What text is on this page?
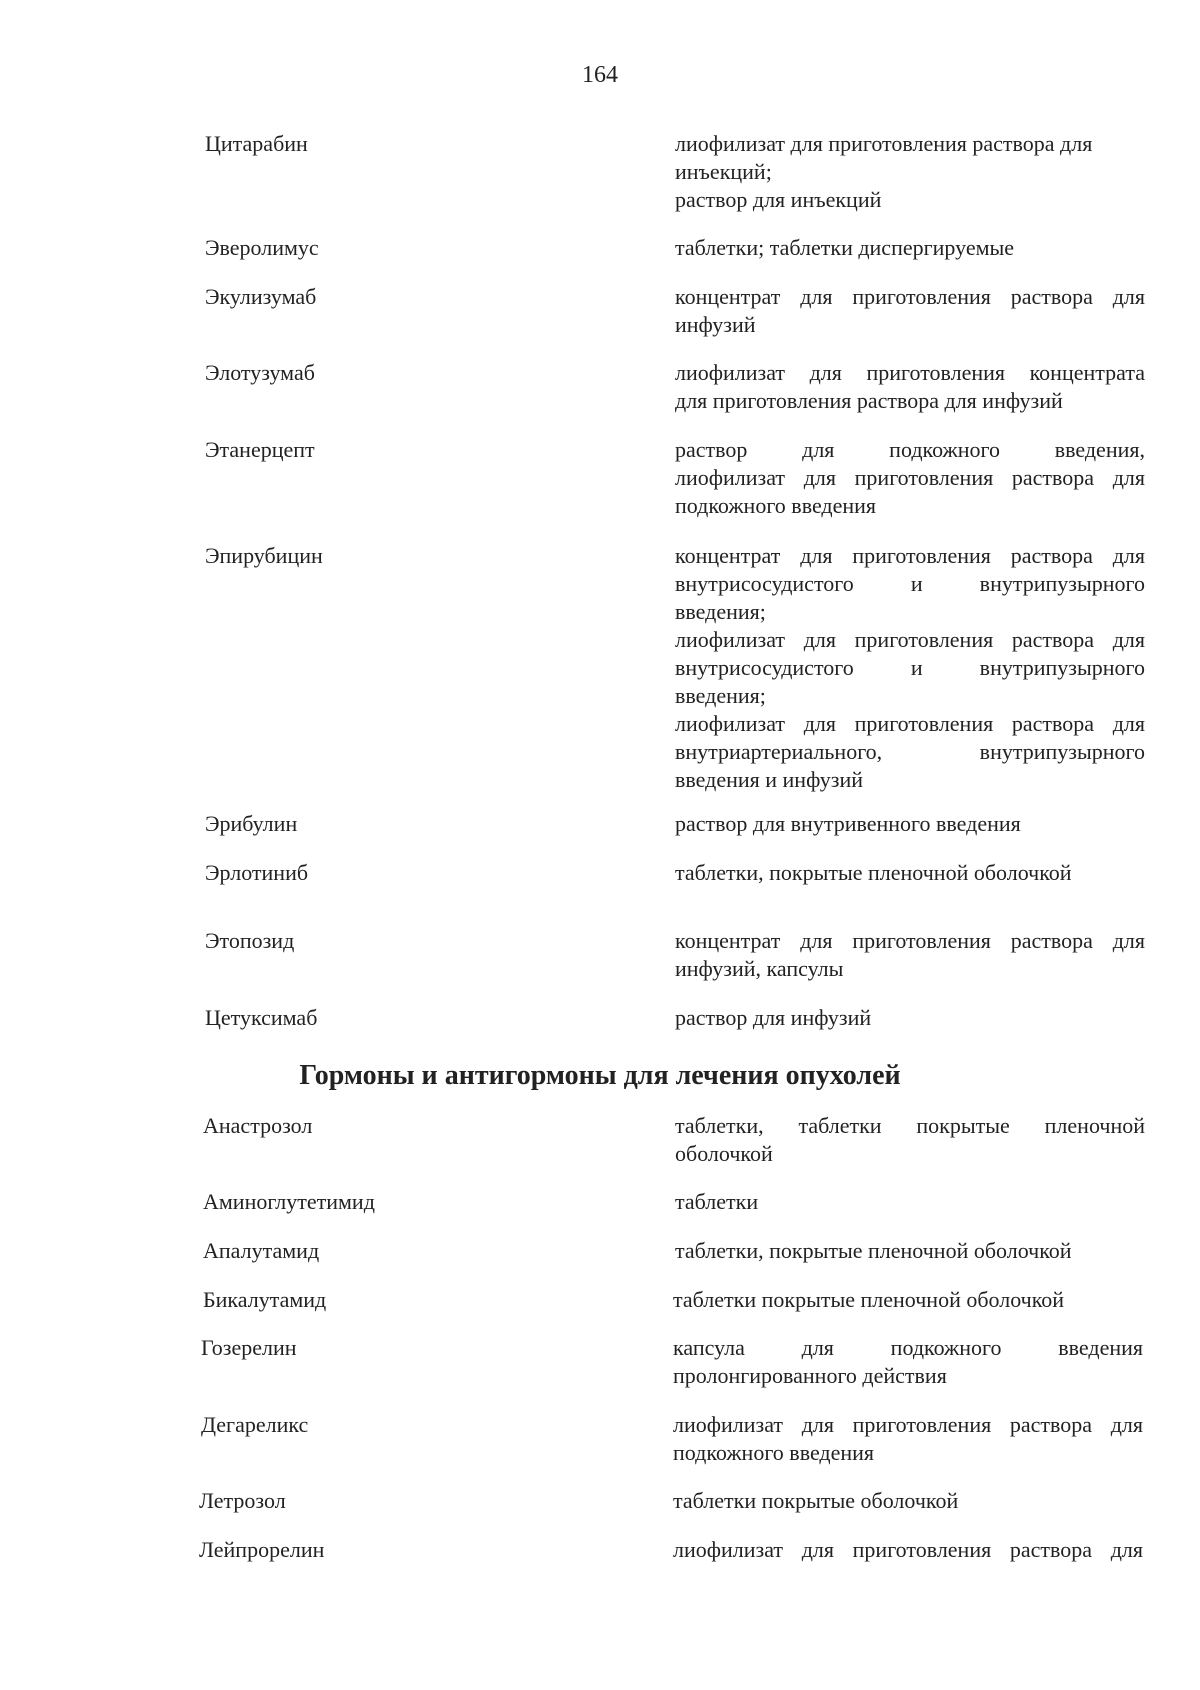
164
Гормоны и антигормоны для лечения опухолей
Цитарабин	лиофилизат для приготовления раствора для
инъекций;
раствор для инъекций
Эверолимус	таблетки; таблетки диспергируемые
Экулизумаб	концентрат для приготовления раствора для
инфузий
Элотузумаб	лиофилизат для приготовления концентрата
для приготовления раствора для инфузий
Этанерцепт	раствор для подкожного введения,
лиофилизат для приготовления раствора для
подкожного введения
Эпирубицин	концентрат для приготовления раствора для
внутрисосудистого и внутрипузырного
введения;
лиофилизат для приготовления раствора для
внутрисосудистого и внутрипузырного
введения;
лиофилизат для приготовления раствора для
внутриартериального, внутрипузырного
введения и инфузий
Эрибулин	раствор для внутривенного введения
Эрлотиниб	таблетки, покрытые пленочной оболочкой
Этопозид	концентрат для приготовления раствора для
инфузий, капсулы
Цетуксимаб	раствор для инфузий
Анастрозол	таблетки, таблетки покрытые пленочной
оболочкой
Аминоглутетимид	таблетки
Апалутамид	таблетки, покрытые пленочной оболочкой
Бикалутамид	таблетки покрытые пленочной оболочкой
Гозерелин	капсула для подкожного введения
пролонгированного действия
Дегареликс	лиофилизат для приготовления раствора для
подкожного введения
Летрозол	таблетки покрытые оболочкой
Лейпрорелин	лиофилизат для приготовления раствора для
